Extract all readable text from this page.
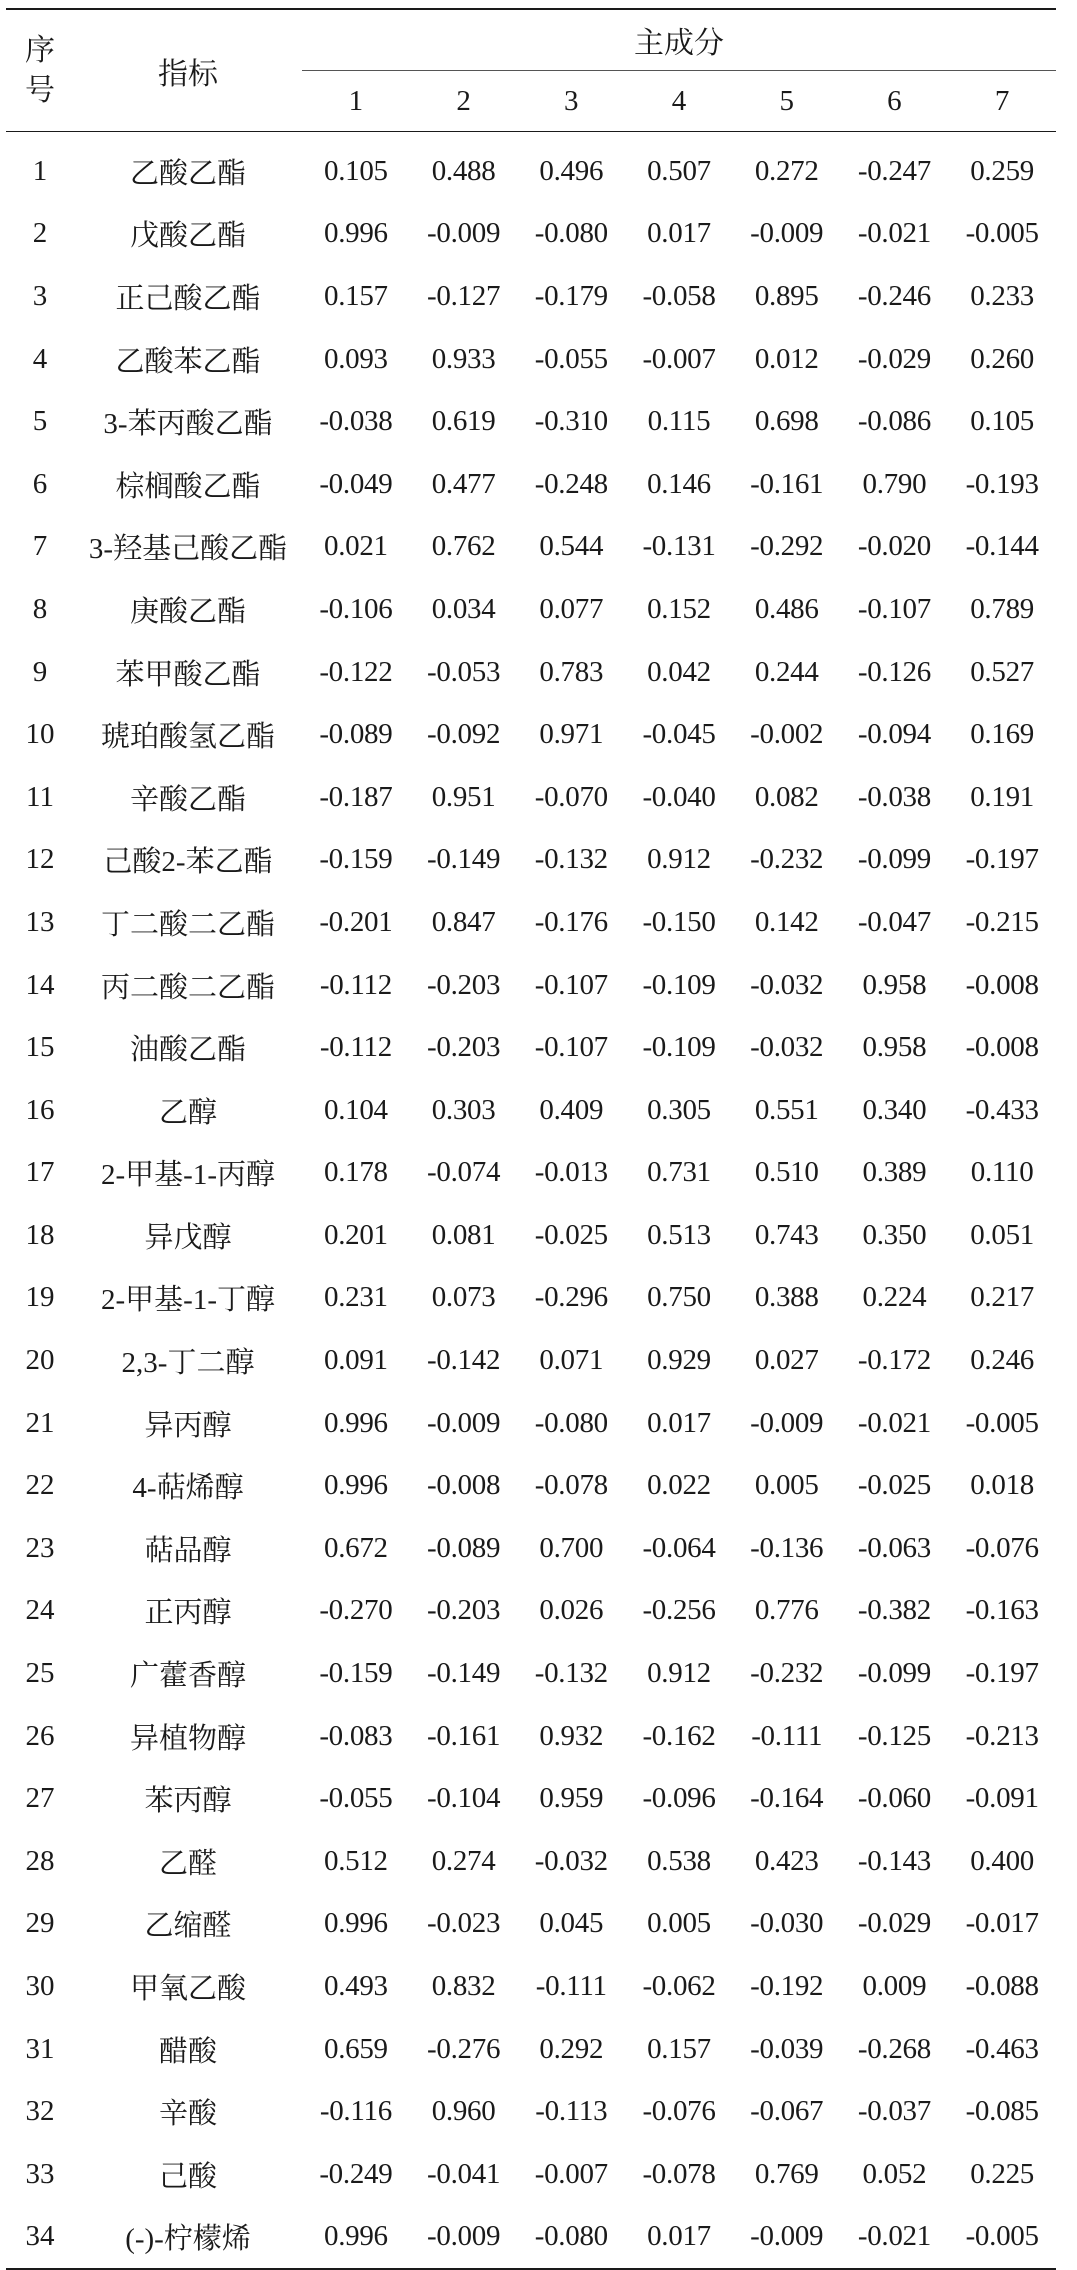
序号	指标	主成分						
		1	2	3	4	5	6	7
1	乙酸乙酯	0.105	0.488	0.496	0.507	0.272	-0.247	0.259
2	戊酸乙酯	0.996	-0.009	-0.080	0.017	-0.009	-0.021	-0.005
3	正己酸乙酯	0.157	-0.127	-0.179	-0.058	0.895	-0.246	0.233
4	乙酸苯乙酯	0.093	0.933	-0.055	-0.007	0.012	-0.029	0.260
5	3-苯丙酸乙酯	-0.038	0.619	-0.310	0.115	0.698	-0.086	0.105
6	棕榈酸乙酯	-0.049	0.477	-0.248	0.146	-0.161	0.790	-0.193
7	3-羟基己酸乙酯	0.021	0.762	0.544	-0.131	-0.292	-0.020	-0.144
8	庚酸乙酯	-0.106	0.034	0.077	0.152	0.486	-0.107	0.789
9	苯甲酸乙酯	-0.122	-0.053	0.783	0.042	0.244	-0.126	0.527
10	琥珀酸氢乙酯	-0.089	-0.092	0.971	-0.045	-0.002	-0.094	0.169
11	辛酸乙酯	-0.187	0.951	-0.070	-0.040	0.082	-0.038	0.191
12	己酸2-苯乙酯	-0.159	-0.149	-0.132	0.912	-0.232	-0.099	-0.197
13	丁二酸二乙酯	-0.201	0.847	-0.176	-0.150	0.142	-0.047	-0.215
14	丙二酸二乙酯	-0.112	-0.203	-0.107	-0.109	-0.032	0.958	-0.008
15	油酸乙酯	-0.112	-0.203	-0.107	-0.109	-0.032	0.958	-0.008
16	乙醇	0.104	0.303	0.409	0.305	0.551	0.340	-0.433
17	2-甲基-1-丙醇	0.178	-0.074	-0.013	0.731	0.510	0.389	0.110
18	异戊醇	0.201	0.081	-0.025	0.513	0.743	0.350	0.051
19	2-甲基-1-丁醇	0.231	0.073	-0.296	0.750	0.388	0.224	0.217
20	2,3-丁二醇	0.091	-0.142	0.071	0.929	0.027	-0.172	0.246
21	异丙醇	0.996	-0.009	-0.080	0.017	-0.009	-0.021	-0.005
22	4-萜烯醇	0.996	-0.008	-0.078	0.022	0.005	-0.025	0.018
23	萜品醇	0.672	-0.089	0.700	-0.064	-0.136	-0.063	-0.076
24	正丙醇	-0.270	-0.203	0.026	-0.256	0.776	-0.382	-0.163
25	广藿香醇	-0.159	-0.149	-0.132	0.912	-0.232	-0.099	-0.197
26	异植物醇	-0.083	-0.161	0.932	-0.162	-0.111	-0.125	-0.213
27	苯丙醇	-0.055	-0.104	0.959	-0.096	-0.164	-0.060	-0.091
28	乙醛	0.512	0.274	-0.032	0.538	0.423	-0.143	0.400
29	乙缩醛	0.996	-0.023	0.045	0.005	-0.030	-0.029	-0.017
30	甲氧乙酸	0.493	0.832	-0.111	-0.062	-0.192	0.009	-0.088
31	醋酸	0.659	-0.276	0.292	0.157	-0.039	-0.268	-0.463
32	辛酸	-0.116	0.960	-0.113	-0.076	-0.067	-0.037	-0.085
33	己酸	-0.249	-0.041	-0.007	-0.078	0.769	0.052	0.225
34	(-)-柠檬烯	0.996	-0.009	-0.080	0.017	-0.009	-0.021	-0.005
